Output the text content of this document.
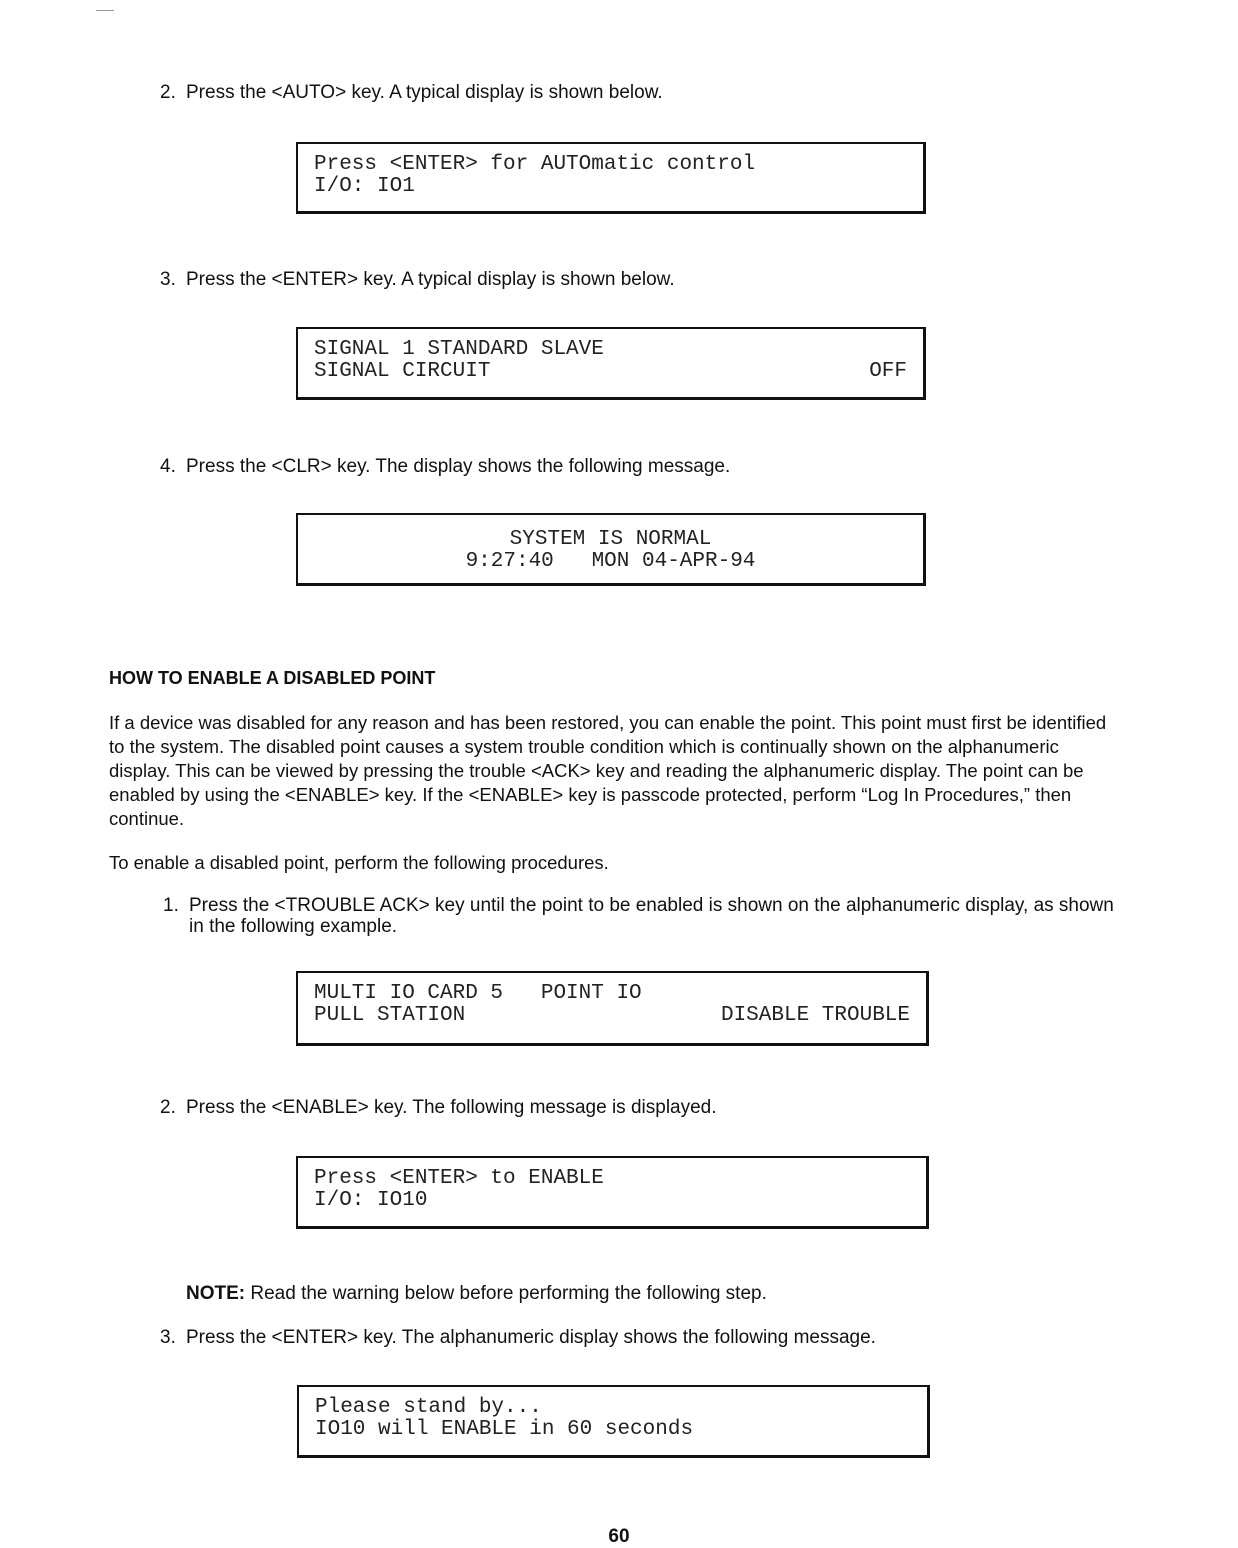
2. Press the <AUTO> key. A typical display is shown below.
Press <ENTER> for AUTOmatic control
I/O: IO1
3. Press the <ENTER> key. A typical display is shown below.
SIGNAL 1 STANDARD SLAVE
SIGNAL CIRCUIT	OFF
4. Press the <CLR> key. The display shows the following message.
SYSTEM IS NORMAL
9:27:40   MON 04-APR-94
HOW TO ENABLE A DISABLED POINT
If a device was disabled for any reason and has been restored, you can enable the point. This point must first be identified to the system. The disabled point causes a system trouble condition which is continually shown on the alphanumeric display. This can be viewed by pressing the trouble <ACK> key and reading the alphanumeric display. The point can be enabled by using the <ENABLE> key. If the <ENABLE> key is passcode protected, perform “Log In Procedures,” then continue.
To enable a disabled point, perform the following procedures.
1. Press the <TROUBLE ACK> key until the point to be enabled is shown on the alphanumeric display, as shown in the following example.
MULTI IO CARD 5   POINT IO
PULL STATION	DISABLE TROUBLE
2. Press the <ENABLE> key. The following message is displayed.
Press <ENTER> to ENABLE
I/O: IO10
NOTE: Read the warning below before performing the following step.
3. Press the <ENTER> key. The alphanumeric display shows the following message.
Please stand by...
IO10 will ENABLE in 60 seconds
60
